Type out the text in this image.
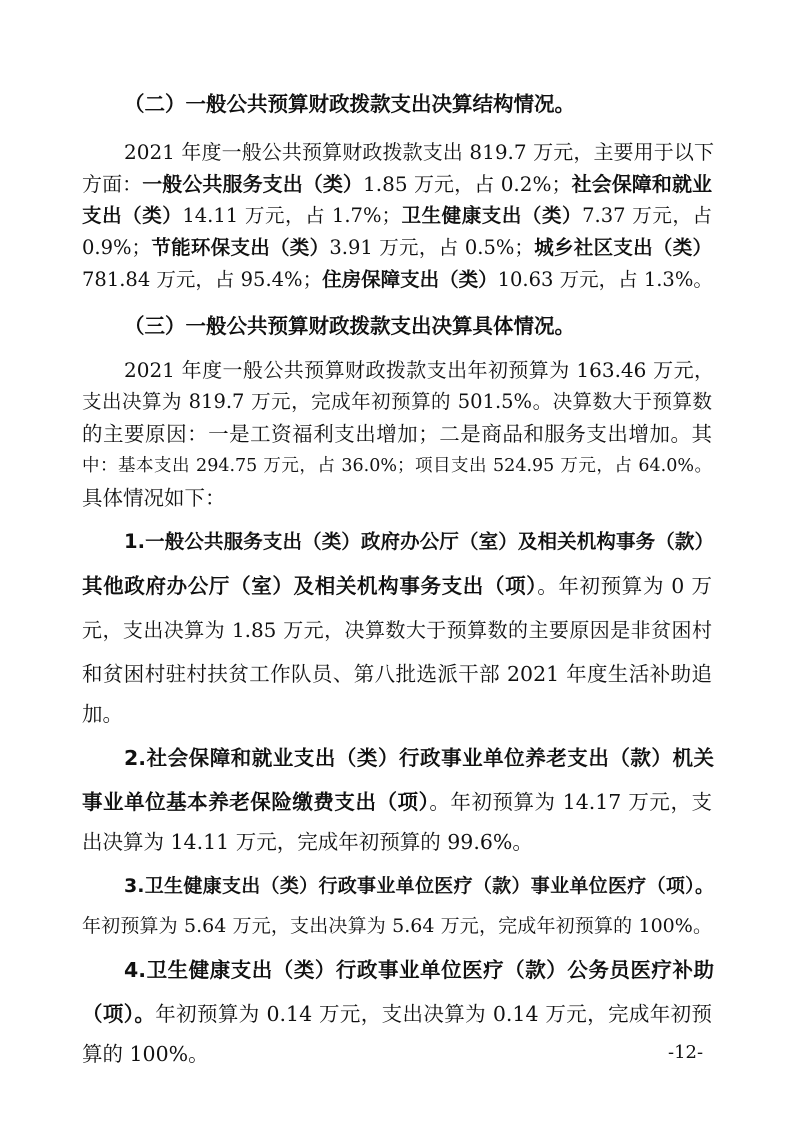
（二）一般公共预算财政拨款支出决算结构情况。
2021 年度一般公共预算财政拨款支出 819.7 万元，主要用于以下
方面：一般公共服务支出（类）1.85 万元，占 0.2%；社会保障和就业
支出（类）14.11 万元，占 1.7%；卫生健康支出（类）7.37 万元，占
0.9%；节能环保支出（类）3.91 万元，占 0.5%；城乡社区支出（类）
781.84 万元，占 95.4%；住房保障支出（类）10.63 万元，占 1.3%。
（三）一般公共预算财政拨款支出决算具体情况。
2021 年度一般公共预算财政拨款支出年初预算为 163.46 万元，
支出决算为 819.7 万元，完成年初预算的 501.5%。决算数大于预算数
的主要原因：一是工资福利支出增加；二是商品和服务支出增加。其
中：基本支出 294.75 万元，占 36.0%；项目支出 524.95 万元，占 64.0%。
具体情况如下：
1.一般公共服务支出（类）政府办公厅（室）及相关机构事务（款）
其他政府办公厅（室）及相关机构事务支出（项）。年初预算为 0 万
元，支出决算为 1.85 万元，决算数大于预算数的主要原因是非贫困村
和贫困村驻村扶贫工作队员、第八批选派干部 2021 年度生活补助追
加。
2.社会保障和就业支出（类）行政事业单位养老支出（款）机关
事业单位基本养老保险缴费支出（项）。年初预算为 14.17 万元，支
出决算为 14.11 万元，完成年初预算的 99.6%。
3.卫生健康支出（类）行政事业单位医疗（款）事业单位医疗（项）。
年初预算为 5.64 万元，支出决算为 5.64 万元，完成年初预算的 100%。
4.卫生健康支出（类）行政事业单位医疗（款）公务员医疗补助
（项）。年初预算为 0.14 万元，支出决算为 0.14 万元，完成年初预
算的 100%。	-12-
